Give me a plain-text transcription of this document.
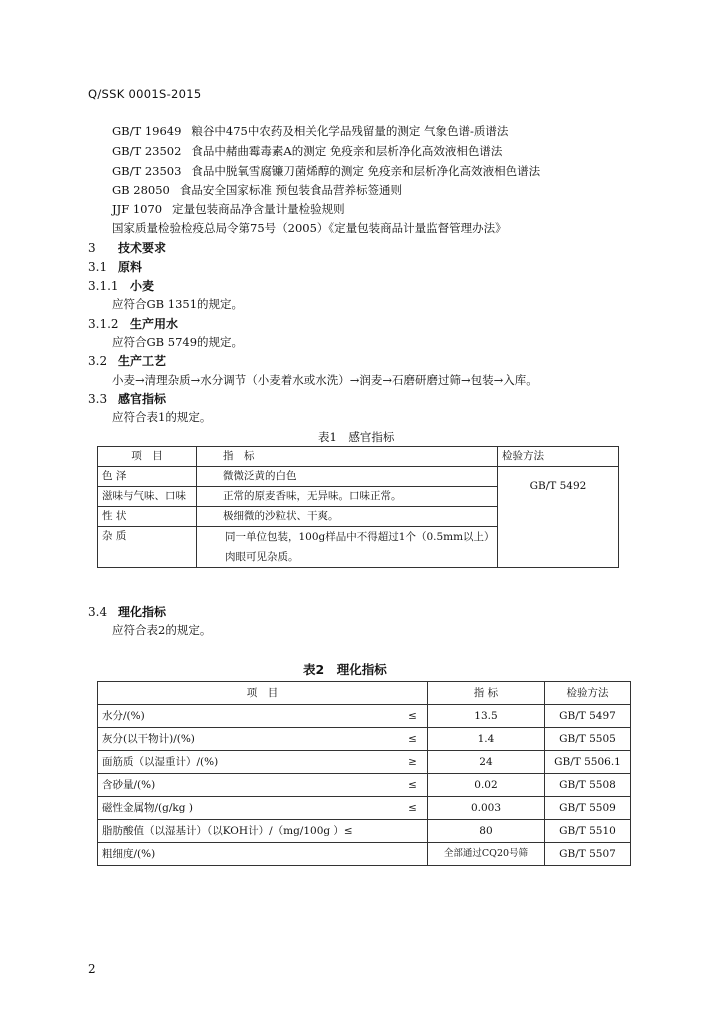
Q/SSK 0001S-2015
GB/T 19649 粮谷中475中农药及相关化学品残留量的测定 气象色谱-质谱法
GB/T 23502 食品中赭曲霉毒素A的测定 免疫亲和层析净化高效液相色谱法
GB/T 23503 食品中脱氧雪腐镰刀菌烯醇的测定 免疫亲和层析净化高效液相色谱法
GB 28050 食品安全国家标准 预包装食品营养标签通则
JJF 1070 定量包装商品净含量计量检验规则
国家质量检验检疫总局令第75号（2005）《定量包装商品计量监督管理办法》
3 技术要求
3.1 原料
3.1.1 小麦
应符合GB 1351的规定。
3.1.2 生产用水
应符合GB 5749的规定。
3.2 生产工艺
小麦→清理杂质→水分调节（小麦着水或水洗）→润麦→石磨研磨过筛→包装→入库。
3.3 感官指标
应符合表1的规定。
表1　感官指标
项　目	指　标	检验方法
色 泽	微微泛黄的白色	GB/T 5492
滋味与气味、口味	正常的原麦香味，无异味。口味正常。	
性 状	极细微的沙粒状、干爽。	
杂 质	同一单位包装，100g样品中不得超过1个（0.5mm以上）
肉眼可见杂质。	
3.4 理化指标
应符合表2的规定。
表2　理化指标
项　目		指 标	检验方法
水分/(%)	≤	13.5	GB/T 5497
灰分(以干物计)/(%)	≤	1.4	GB/T 5505
面筋质（以湿重计）/(%)	≥	24	GB/T 5506.1
含砂量/(%)	≤	0.02	GB/T 5508
磁性金属物/(g/kg )	≤	0.003	GB/T 5509
脂肪酸值（以湿基计）（以KOH计）/（mg/100g ）≤		80	GB/T 5510
粗细度/(%)		全部通过CQ20号筛	GB/T 5507
2
